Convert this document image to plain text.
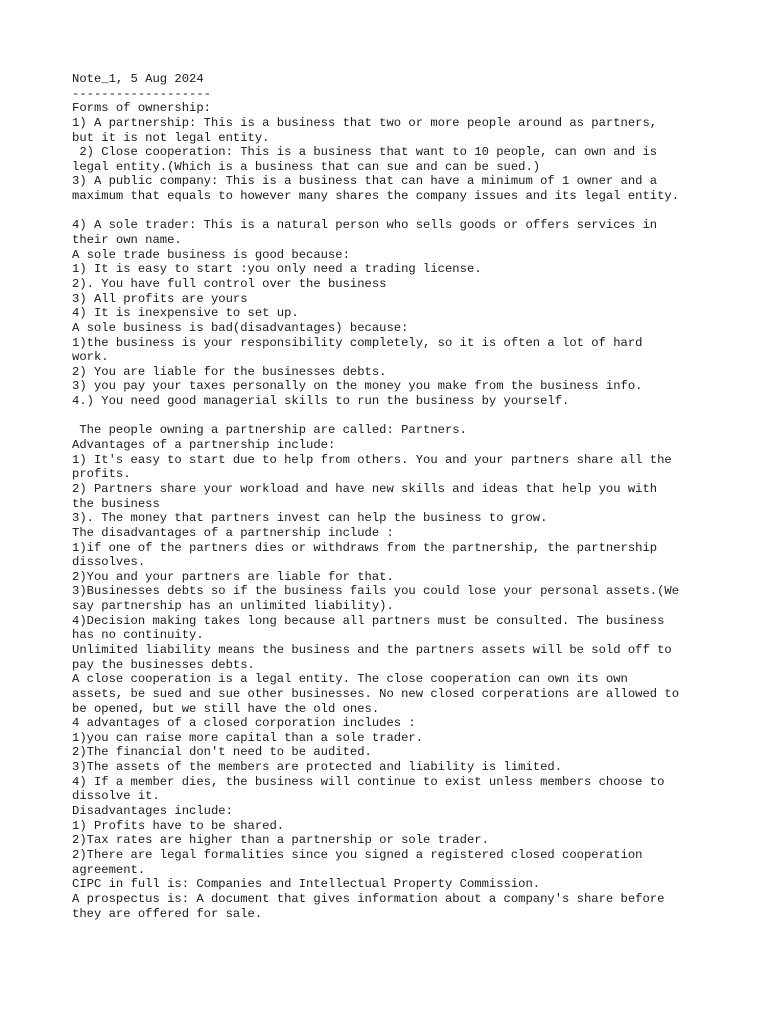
Note_1, 5 Aug 2024

-------------------

Forms of ownership:

1) A partnership: This is a business that two or more people around as partners,

but it is not legal entity.

2) Close cooperation: This is a business that want to 10 people, can own and is

legal entity.(Which is a business that can sue and can be sued.)

3) A public company: This is a business that can have a minimum of 1 owner and a

maximum that equals to however many shares the company issues and its legal entity.

4) A sole trader: This is a natural person who sells goods or offers services in

their own name.

A sole trade business is good because:

1) It is easy to start :you only need a trading license.

2). You have full control over the business

3) All profits are yours

4) It is inexpensive to set up.

A sole business is bad(disadvantages) because:

1)the business is your responsibility completely, so it is often a lot of hard

work.

2) You are liable for the businesses debts.

3) you pay your taxes personally on the money you make from the business info.

4.) You need good managerial skills to run the business by yourself.

The people owning a partnership are called: Partners.

Advantages of a partnership include:

1) It's easy to start due to help from others. You and your partners share all the

profits.

2) Partners share your workload and have new skills and ideas that help you with

the business

3). The money that partners invest can help the business to grow.

The disadvantages of a partnership include :

1)if one of the partners dies or withdraws from the partnership, the partnership

dissolves.

2)You and your partners are liable for that.

3)Businesses debts so if the business fails you could lose your personal assets.(We

say partnership has an unlimited liability).

4)Decision making takes long because all partners must be consulted. The business

has no continuity.

Unlimited liability means the business and the partners assets will be sold off to

pay the businesses debts.

A close cooperation is a legal entity. The close cooperation can own its own

assets, be sued and sue other businesses. No new closed corperations are allowed to

be opened, but we still have the old ones.

4 advantages of a closed corporation includes :

1)you can raise more capital than a sole trader.

2)The financial don't need to be audited.

3)The assets of the members are protected and liability is limited.

4) If a member dies, the business will continue to exist unless members choose to

dissolve it.

Disadvantages include:

1) Profits have to be shared.

2)Tax rates are higher than a partnership or sole trader.

2)There are legal formalities since you signed a registered closed cooperation

agreement.

CIPC in full is: Companies and Intellectual Property Commission.

A prospectus is: A document that gives information about a company's share before

they are offered for sale.
